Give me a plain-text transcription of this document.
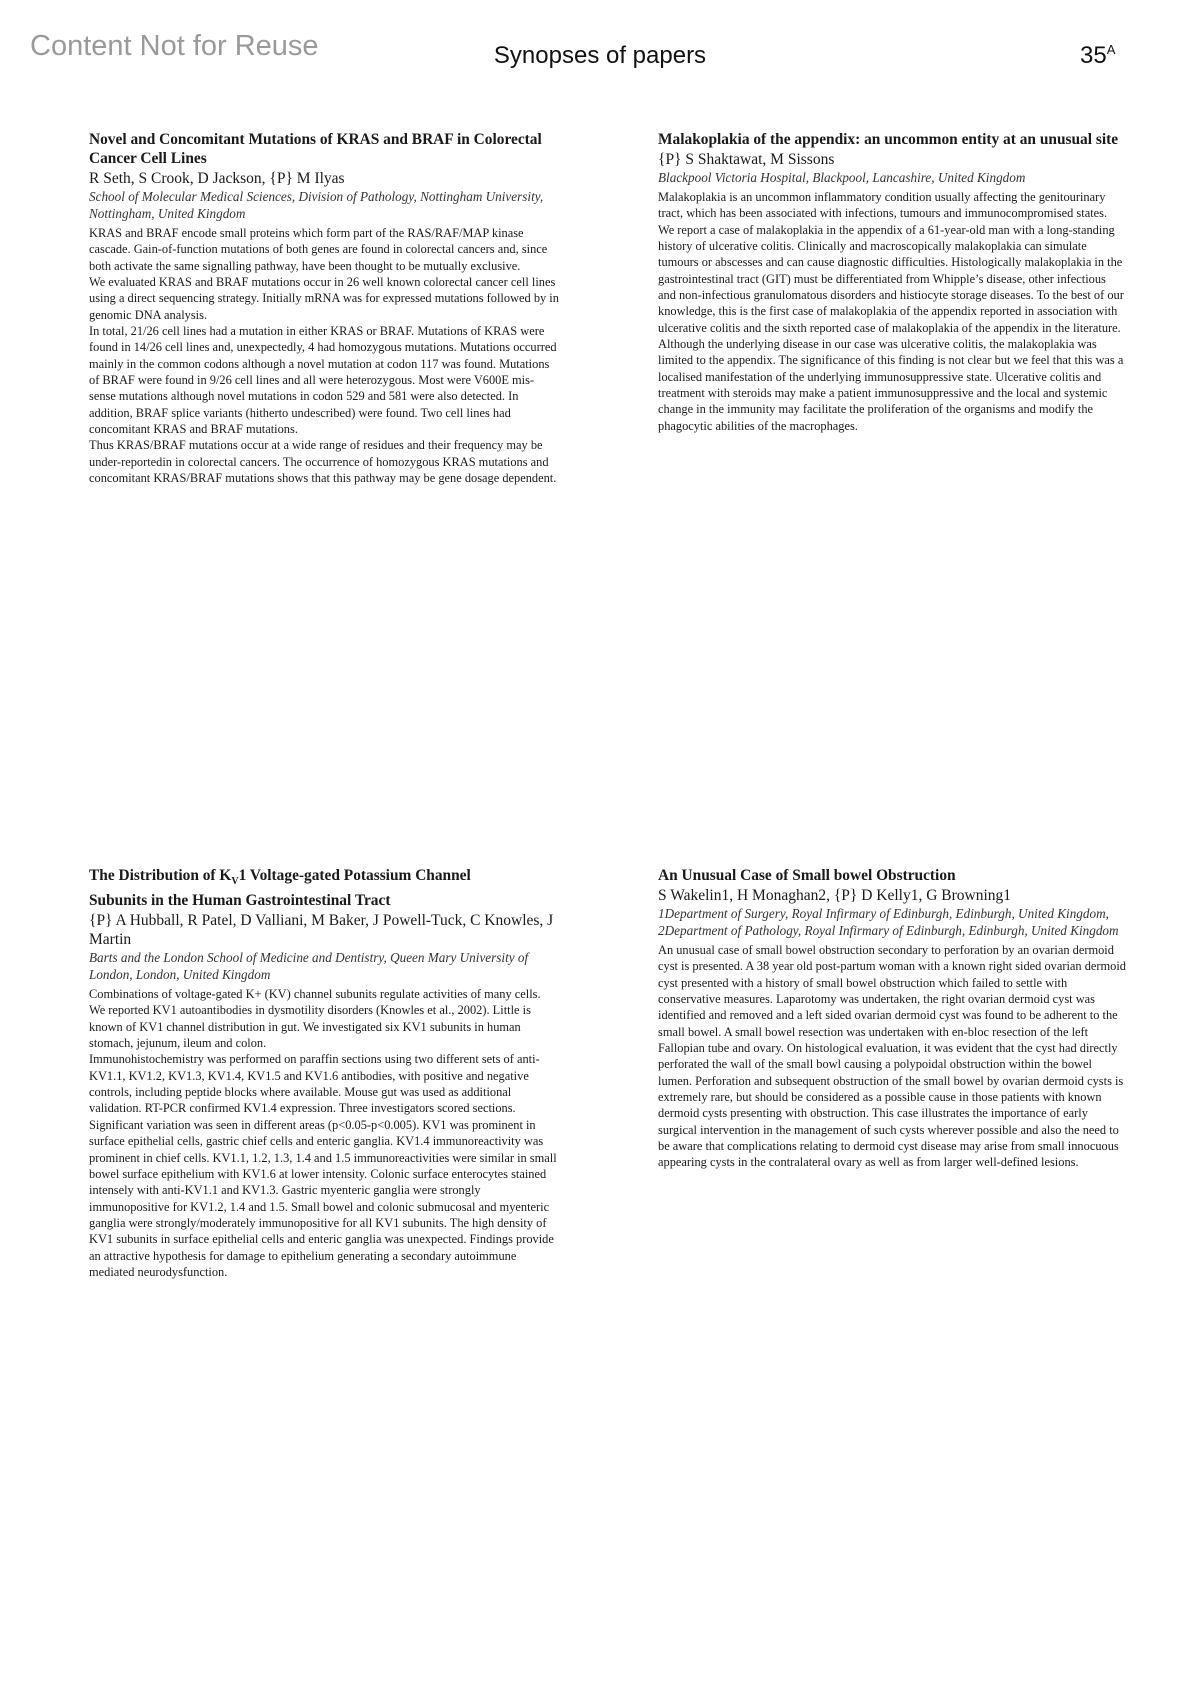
Content Not for Reuse	Synopses of papers	$35^A$
Novel and Concomitant Mutations of KRAS and BRAF in Colorectal Cancer Cell Lines
R Seth, S Crook, D Jackson, {P} M Ilyas
School of Molecular Medical Sciences, Division of Pathology, Nottingham University, Nottingham, United Kingdom

KRAS and BRAF encode small proteins which form part of the RAS/RAF/MAP kinase cascade. Gain-of-function mutations of both genes are found in colorectal cancers and, since both activate the same signalling pathway, have been thought to be mutually exclusive.

We evaluated KRAS and BRAF mutations occur in 26 well known colorectal cancer cell lines using a direct sequencing strategy. Initially mRNA was for expressed mutations followed by in genomic DNA analysis.

In total, 21/26 cell lines had a mutation in either KRAS or BRAF. Mutations of KRAS were found in 14/26 cell lines and, unexpectedly, 4 had homozygous mutations. Mutations occurred mainly in the common codons although a novel mutation at codon 117 was found. Mutations of BRAF were found in 9/26 cell lines and all were heterozygous. Most were V600E mis-sense mutations although novel mutations in codon 529 and 581 were also detected. In addition, BRAF splice variants (hitherto undescribed) were found. Two cell lines had concomitant KRAS and BRAF mutations.

Thus KRAS/BRAF mutations occur at a wide range of residues and their frequency may be under-reportedin in colorectal cancers. The occurrence of homozygous KRAS mutations and concomitant KRAS/BRAF mutations shows that this pathway may be gene dosage dependent.

Malakoplakia of the appendix: an uncommon entity at an unusual site
{P} S Shaktawat, M Sissons
Blackpool Victoria Hospital, Blackpool, Lancashire, United Kingdom

Malakoplakia is an uncommon inflammatory condition usually affecting the genitourinary tract, which has been associated with infections, tumours and immunocompromised states. We report a case of malakoplakia in the appendix of a 61-year-old man with a long-standing history of ulcerative colitis. Clinically and macroscopically malakoplakia can simulate tumours or abscesses and can cause diagnostic difficulties. Histologically malakoplakia in the gastrointestinal tract (GIT) must be differentiated from Whipple’s disease, other infectious and non-infectious granulomatous disorders and histiocyte storage diseases. To the best of our knowledge, this is the first case of malakoplakia of the appendix reported in association with ulcerative colitis and the sixth reported case of malakoplakia of the appendix in the literature. Although the underlying disease in our case was ulcerative colitis, the malakoplakia was limited to the appendix. The significance of this finding is not clear but we feel that this was a localised manifestation of the underlying immunosuppressive state. Ulcerative colitis and treatment with steroids may make a patient immunosuppressive and the local and systemic change in the immunity may facilitate the proliferation of the organisms and modify the phagocytic abilities of the macrophages.

The Distribution of $K_V1$ Voltage-gated Potassium Channel
Subunits in the Human Gastrointestinal Tract
{P} A Hubball, R Patel, D Valliani, M Baker, J Powell-Tuck, C Knowles, J Martin
Barts and the London School of Medicine and Dentistry, Queen Mary University of London, London, United Kingdom

Combinations of voltage-gated K+ (KV) channel subunits regulate activities of many cells. We reported KV1 autoantibodies in dysmotility disorders (Knowles et al., 2002). Little is known of KV1 channel distribution in gut. We investigated six KV1 subunits in human stomach, jejunum, ileum and colon.

Immunohistochemistry was performed on paraffin sections using two different sets of anti-KV1.1, KV1.2, KV1.3, KV1.4, KV1.5 and KV1.6 antibodies, with positive and negative controls, including peptide blocks where available. Mouse gut was used as additional validation. RT-PCR confirmed KV1.4 expression. Three investigators scored sections.

Significant variation was seen in different areas (p<0.05-p<0.005). KV1 was prominent in surface epithelial cells, gastric chief cells and enteric ganglia. KV1.4 immunoreactivity was prominent in chief cells. KV1.1, 1.2, 1.3, 1.4 and 1.5 immunoreactivities were similar in small bowel surface epithelium with KV1.6 at lower intensity. Colonic surface enterocytes stained intensely with anti-KV1.1 and KV1.3. Gastric myenteric ganglia were strongly immunopositive for KV1.2, 1.4 and 1.5. Small bowel and colonic submucosal and myenteric ganglia were strongly/moderately immunopositive for all KV1 subunits. The high density of KV1 subunits in surface epithelial cells and enteric ganglia was unexpected. Findings provide an attractive hypothesis for damage to epithelium generating a secondary autoimmune mediated neurodysfunction.

An Unusual Case of Small bowel Obstruction
S Wakelin1, H Monaghan2, {P} D Kelly1, G Browning1
1Department of Surgery, Royal Infirmary of Edinburgh, Edinburgh, United Kingdom, 2Department of Pathology, Royal Infirmary of Edinburgh, Edinburgh, United Kingdom

An unusual case of small bowel obstruction secondary to perforation by an ovarian dermoid cyst is presented. A 38 year old post-partum woman with a known right sided ovarian dermoid cyst presented with a history of small bowel obstruction which failed to settle with conservative measures. Laparotomy was undertaken, the right ovarian dermoid cyst was identified and removed and a left sided ovarian dermoid cyst was found to be adherent to the small bowel. A small bowel resection was undertaken with en-bloc resection of the left Fallopian tube and ovary. On histological evaluation, it was evident that the cyst had directly perforated the wall of the small bowl causing a polypoidal obstruction within the bowel lumen. Perforation and subsequent obstruction of the small bowel by ovarian dermoid cysts is extremely rare, but should be considered as a possible cause in those patients with known dermoid cysts presenting with obstruction. This case illustrates the importance of early surgical intervention in the management of such cysts wherever possible and also the need to be aware that complications relating to dermoid cyst disease may arise from small innocuous appearing cysts in the contralateral ovary as well as from larger well-defined lesions.
